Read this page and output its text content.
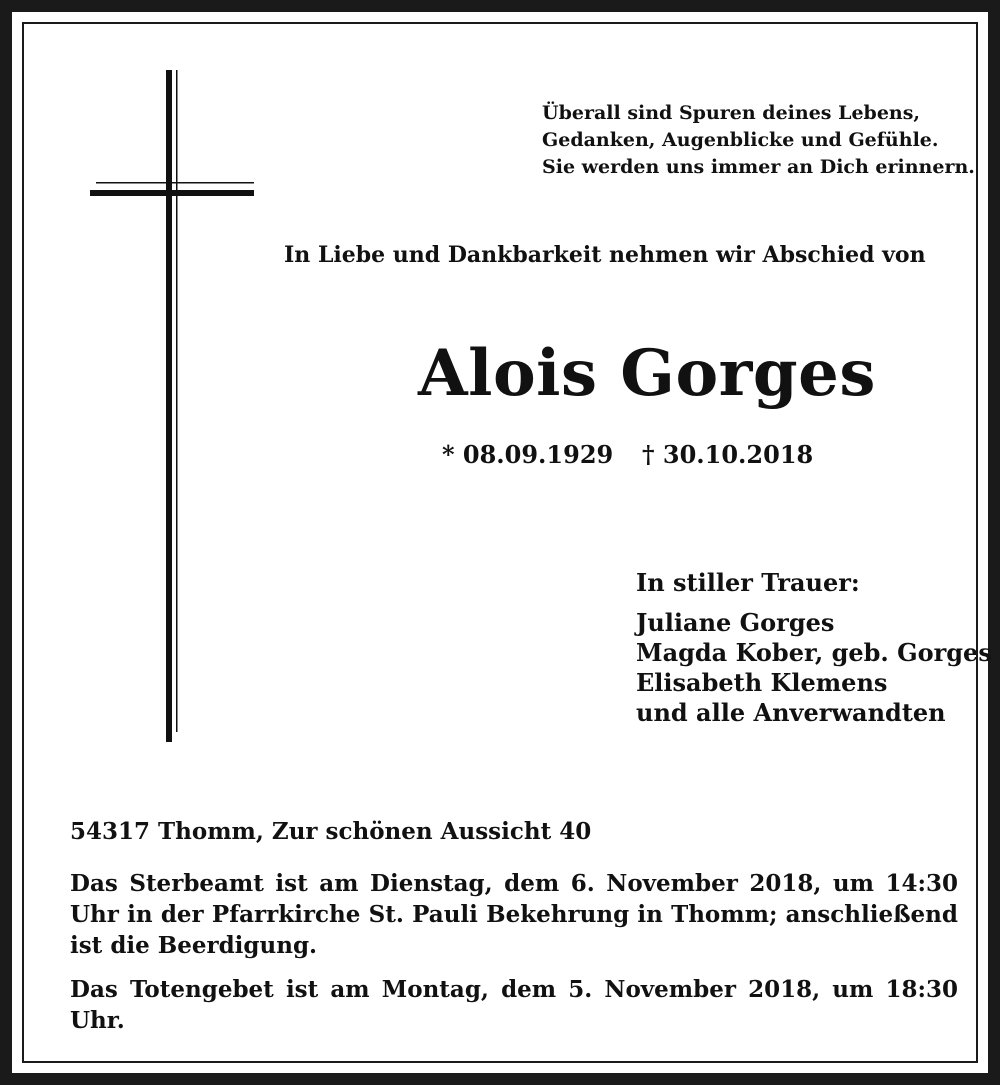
Überall sind Spuren deines Lebens,
Gedanken, Augenblicke und Gefühle.
Sie werden uns immer an Dich erinnern.
In Liebe und Dankbarkeit nehmen wir Abschied von
Alois Gorges
* 08.09.1929 † 30.10.2018
In stiller Trauer:
Juliane Gorges
Magda Kober, geb. Gorges
Elisabeth Klemens
und alle Anverwandten
54317 Thomm, Zur schönen Aussicht 40
Das Sterbeamt ist am Dienstag, dem 6. November 2018, um 14:30 Uhr in der Pfarrkirche St. Pauli Bekehrung in Thomm; anschließend ist die Beerdigung.
Das Totengebet ist am Montag, dem 5. November 2018, um 18:30 Uhr.
